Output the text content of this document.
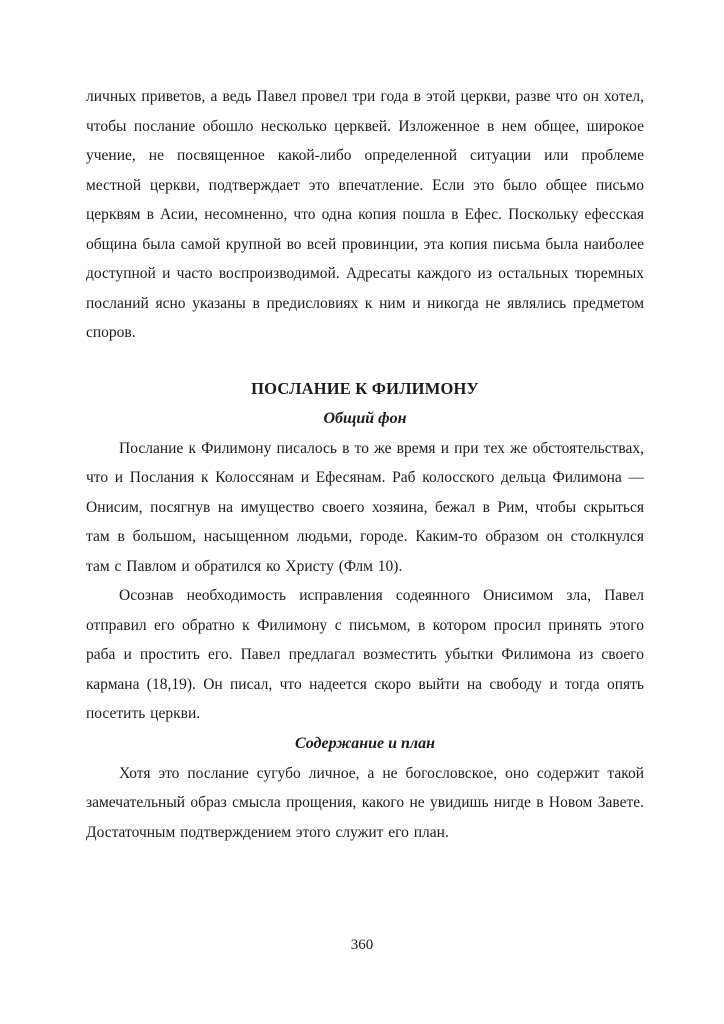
личных приветов, а ведь Павел провел три года в этой церкви, разве что он хотел, чтобы послание обошло несколько церквей. Изложенное в нем общее, широкое учение, не посвященное какой-либо определенной ситуации или проблеме местной церкви, подтверждает это впечатление. Если это было общее письмо церквям в Асии, несомненно, что одна копия пошла в Ефес. Поскольку ефесская община была самой крупной во всей провинции, эта копия письма была наиболее доступной и часто воспроизводимой. Адресаты каждого из остальных тюремных посланий ясно указаны в предисловиях к ним и никогда не являлись предметом споров.

ПОСЛАНИЕ К ФИЛИМОНУ
Общий фон

Послание к Филимону писалось в то же время и при тех же обстоятельствах, что и Послания к Колоссянам и Ефесянам. Раб колосского дельца Филимона — Онисим, посягнув на имущество своего хозяина, бежал в Рим, чтобы скрыться там в большом, насыщенном людьми, городе. Каким-то образом он столкнулся там с Павлом и обратился ко Христу (Флм 10).

Осознав необходимость исправления содеянного Онисимом зла, Павел отправил его обратно к Филимону с письмом, в котором просил принять этого раба и простить его. Павел предлагал возместить убытки Филимона из своего кармана (18,19). Он писал, что надеется скоро выйти на свободу и тогда опять посетить церкви.

Содержание и план

Хотя это послание сугубо личное, а не богословское, оно содержит такой замечательный образ смысла прощения, какого не увидишь нигде в Новом Завете. Достаточным подтверждением этого служит его план.

360
